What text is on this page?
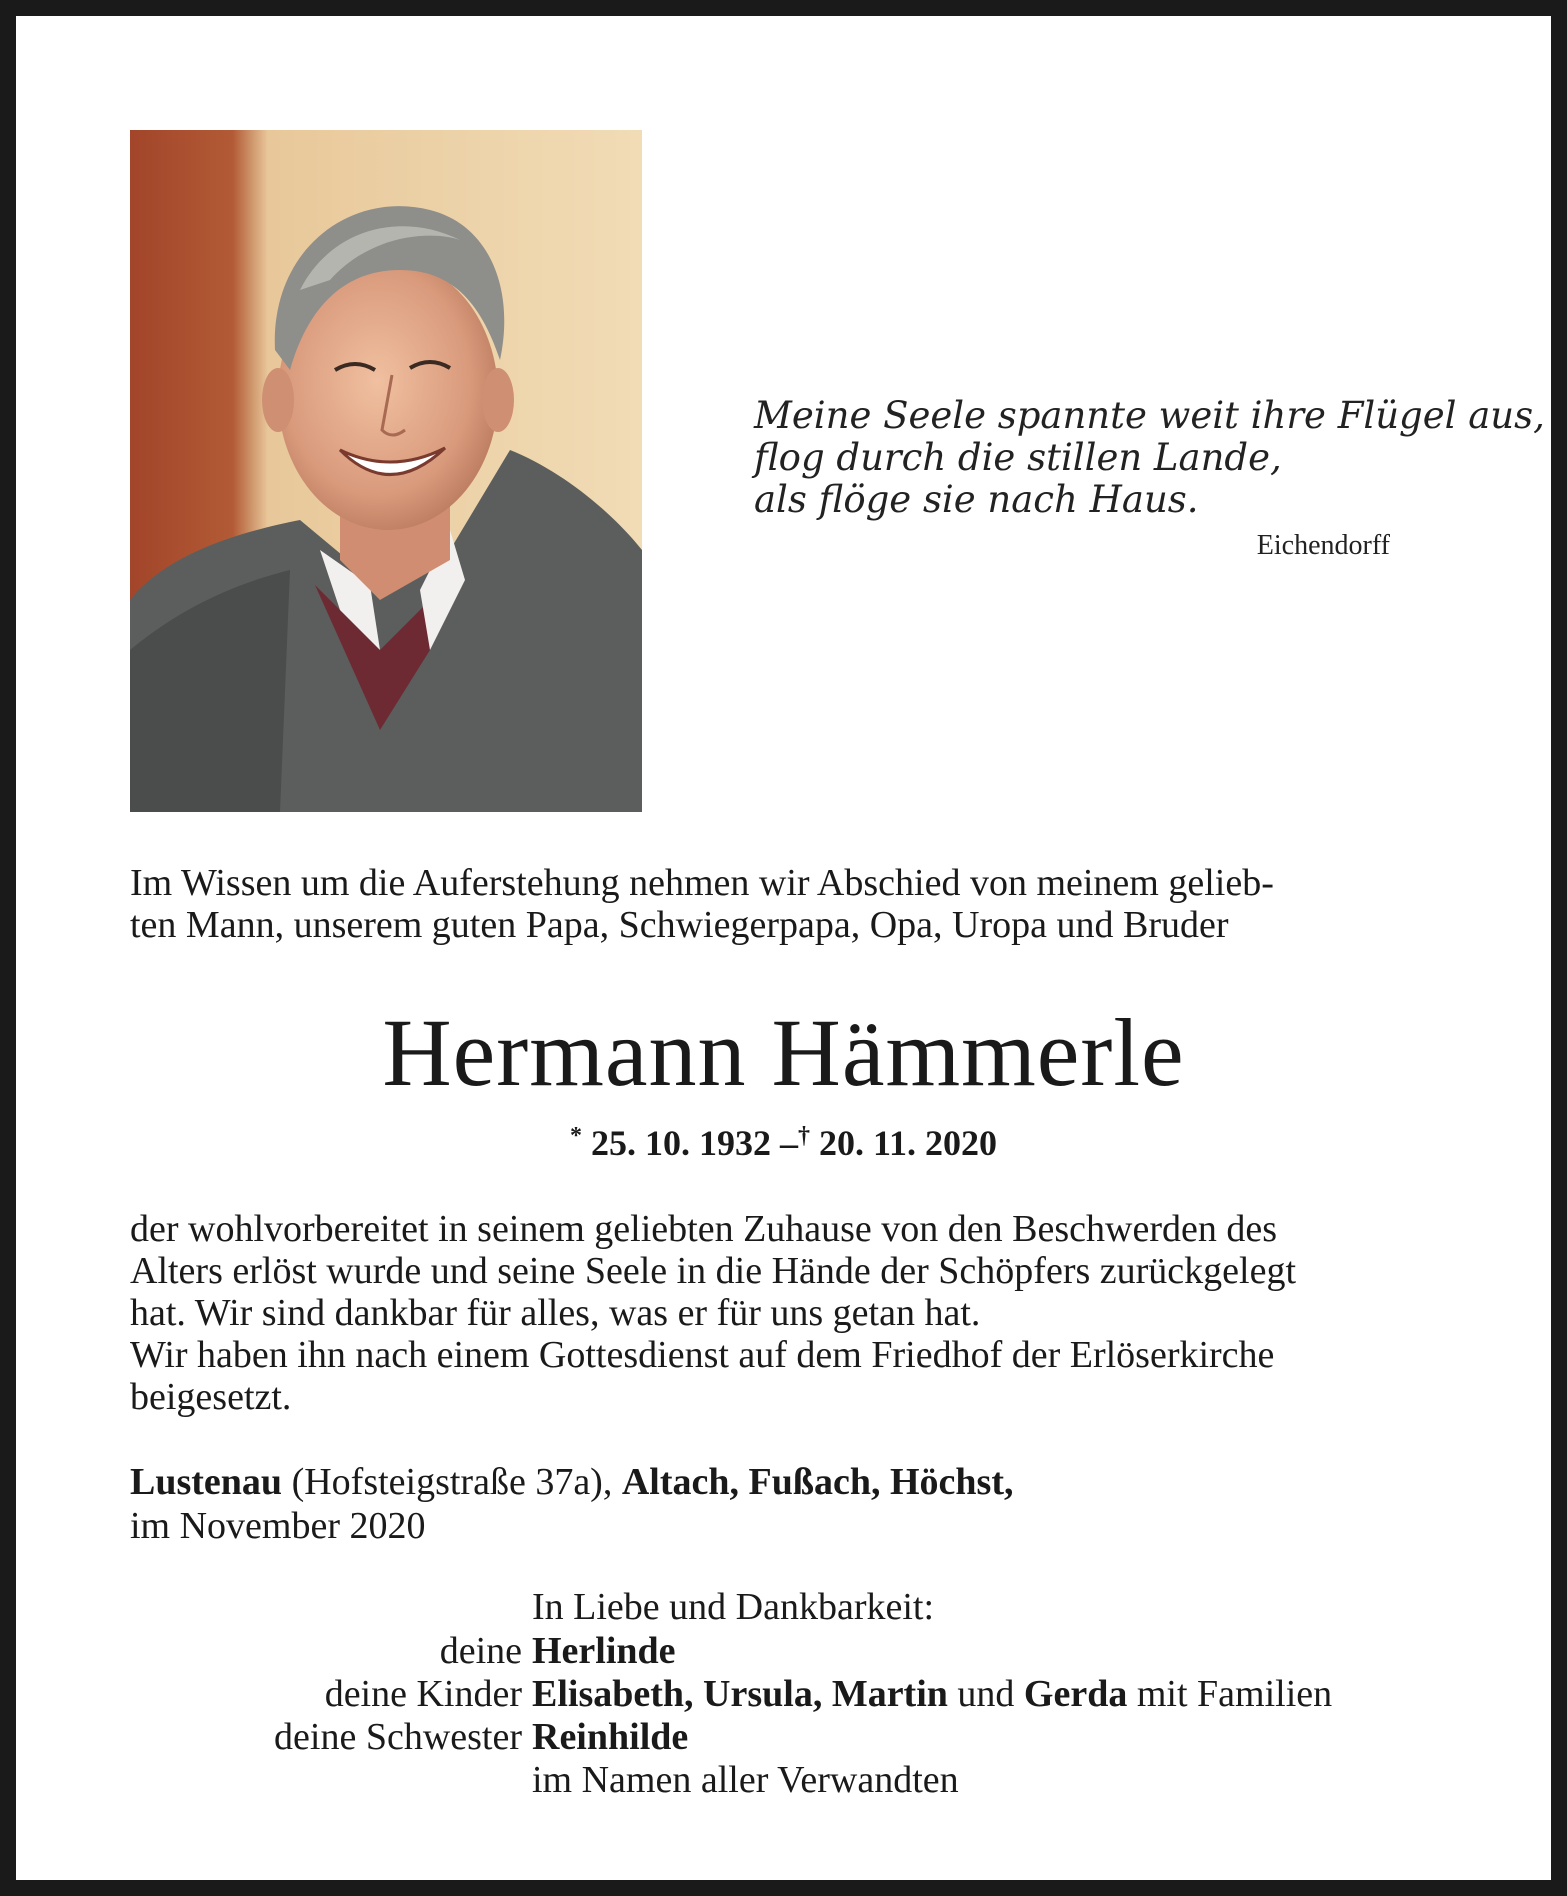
Meine Seele spannte weit ihre Flügel aus,
flog durch die stillen Lande,
als flöge sie nach Haus.
Eichendorff
Im Wissen um die Auferstehung nehmen wir Abschied von meinem gelieb-
ten Mann, unserem guten Papa, Schwiegerpapa, Opa, Uropa und Bruder
Hermann Hämmerle
* 25. 10. 1932 –† 20. 11. 2020
der wohlvorbereitet in seinem geliebten Zuhause von den Beschwerden des
Alters erlöst wurde und seine Seele in die Hände der Schöpfers zurückgelegt
hat. Wir sind dankbar für alles, was er für uns getan hat.
Wir haben ihn nach einem Gottesdienst auf dem Friedhof der Erlöserkirche
beigesetzt.
Lustenau (Hofsteigstraße 37a), Altach, Fußach, Höchst,
im November 2020
In Liebe und Dankbarkeit:
deine Herlinde
deine Kinder Elisabeth, Ursula, Martin und Gerda mit Familien
deine Schwester Reinhilde
im Namen aller Verwandten
